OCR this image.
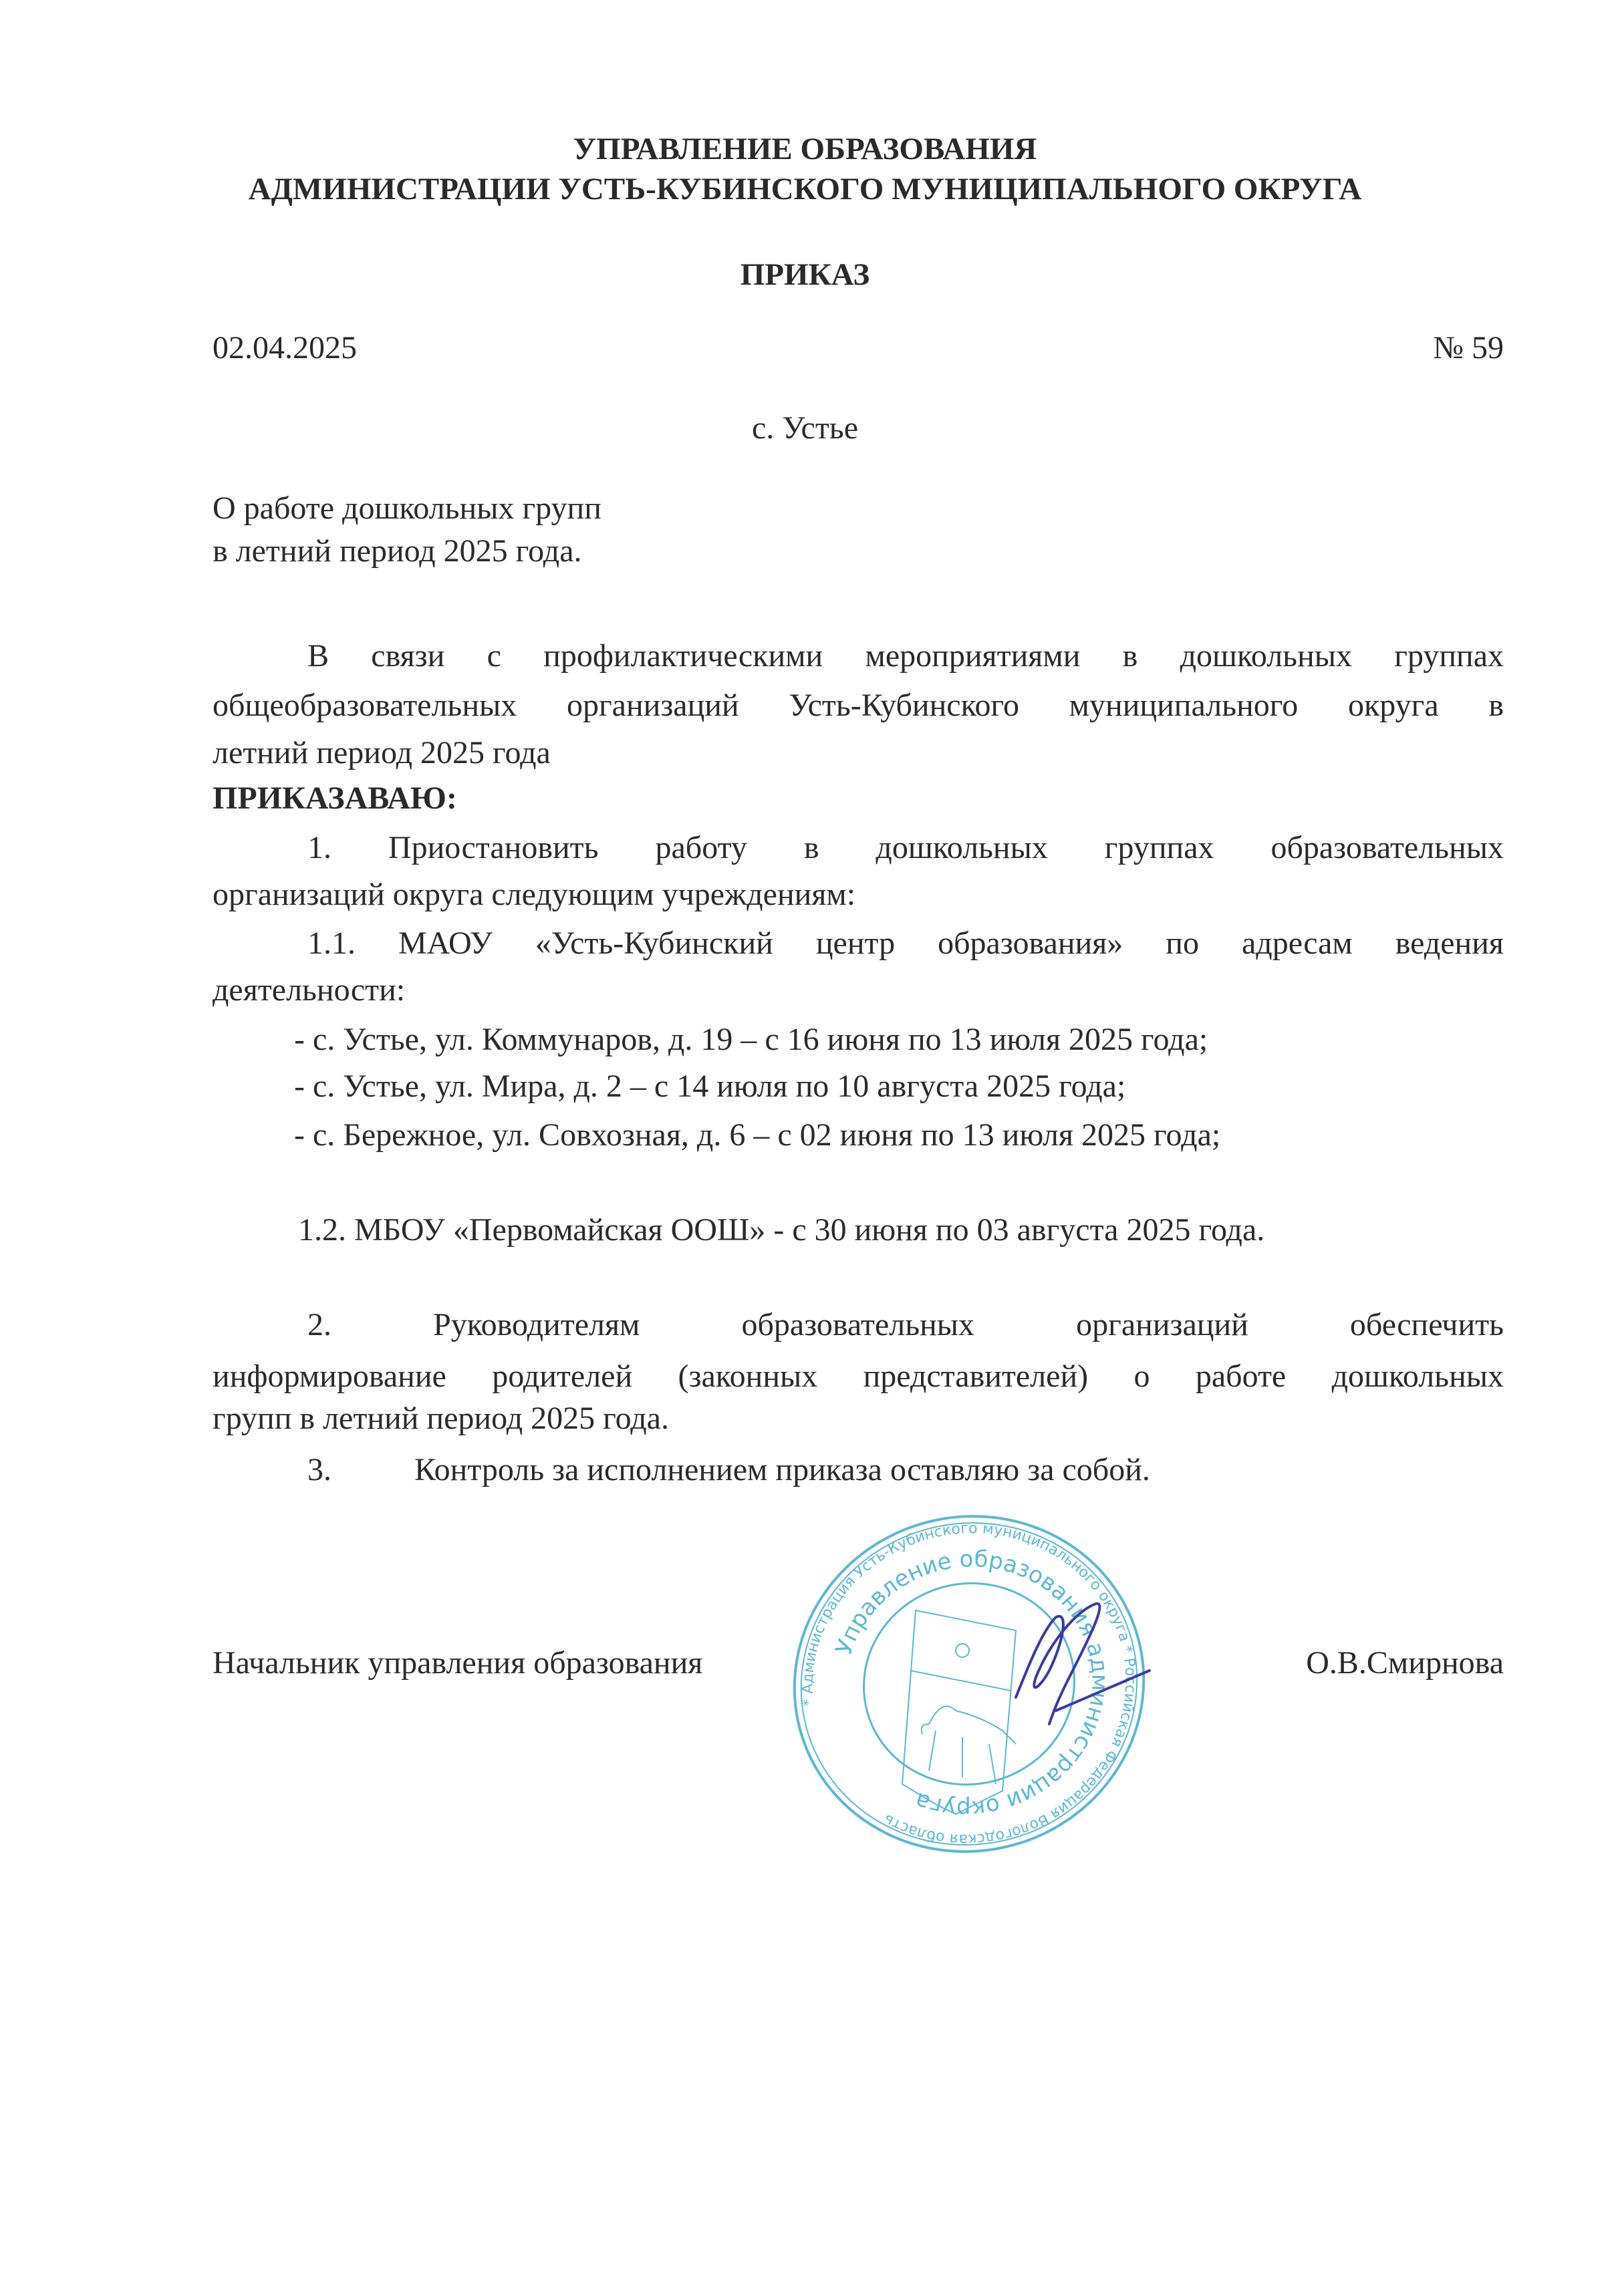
УПРАВЛЕНИЕ ОБРАЗОВАНИЯ
АДМИНИСТРАЦИИ УСТЬ-КУБИНСКОГО МУНИЦИПАЛЬНОГО ОКРУГА
ПРИКАЗ
02.04.2025	№ 59
с. Устье
О работе дошкольных групп
в летний период 2025 года.
В связи с профилактическими мероприятиями в дошкольных группах
общеобразовательных организаций Усть-Кубинского муниципального округа в
летний период 2025 года
ПРИКАЗАВАЮ:
1. Приостановить работу в дошкольных группах образовательных
организаций округа следующим учреждениям:
1.1. МАОУ «Усть-Кубинский центр образования» по адресам ведения
деятельности:
- с. Устье, ул. Коммунаров, д. 19 – с 16 июня по 13 июля 2025 года;
- с. Устье, ул. Мира, д. 2 – с 14 июля по 10 августа 2025 года;
- с. Бережное, ул. Совхозная, д. 6 – с 02 июня по 13 июля 2025 года;
1.2. МБОУ «Первомайская ООШ» - с 30 июня по 03 августа 2025 года.
2. Руководителям образовательных организаций обеспечить
информирование родителей (законных представителей) о работе дошкольных
групп в летний период 2025 года.
3.	Контроль за исполнением приказа оставляю за собой.
* Администрация Усть-Кубинского муниципального округа * Российская Федерация Вологодская область
Управление образования администрации округа
Начальник управления образования	О.В.Смирнова
